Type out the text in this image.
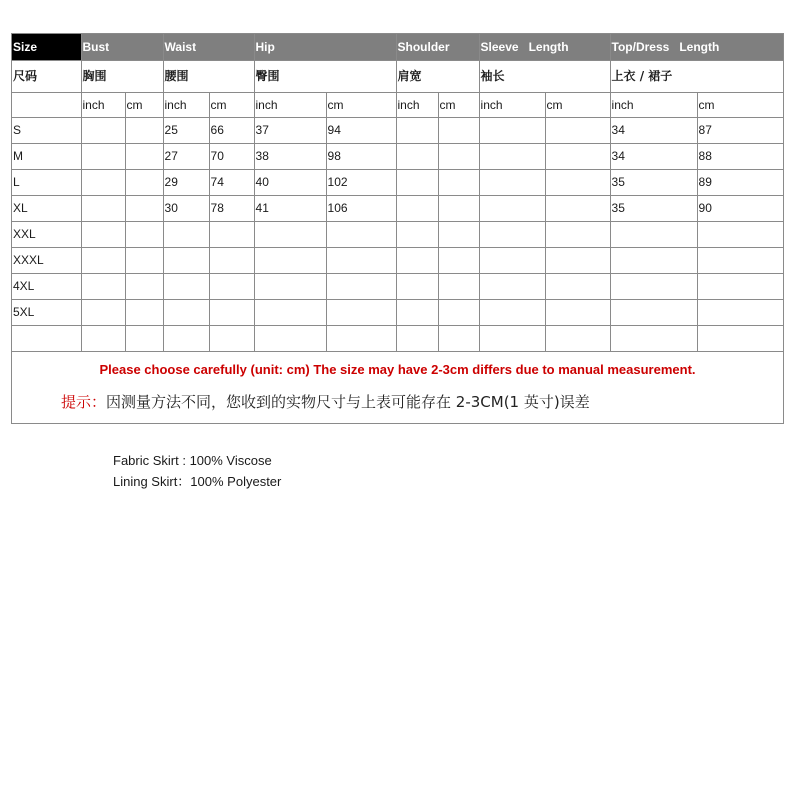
Size	Bust		Waist		Hip		Shoulder		Sleeve   Length		Top/Dress   Length	
尺码	胸围		腰围		臀围		肩宽		袖长		上衣 / 裙子	
	inch	cm	inch	cm	inch	cm	inch	cm	inch	cm	inch	cm
S			25	66	37	94					34	87
M			27	70	38	98					34	88
L			29	74	40	102					35	89
XL			30	78	41	106					35	90
XXL												
XXXL												
4XL												
5XL												

Please choose carefully (unit: cm) The size may have 2-3cm differs due to manual measurement.
提示：因测量方法不同，您收到的实物尺寸与上表可能存在 2-3CM(1 英寸)误差
Fabric Skirt : 100% Viscose
Lining Skirt：100% Polyester
